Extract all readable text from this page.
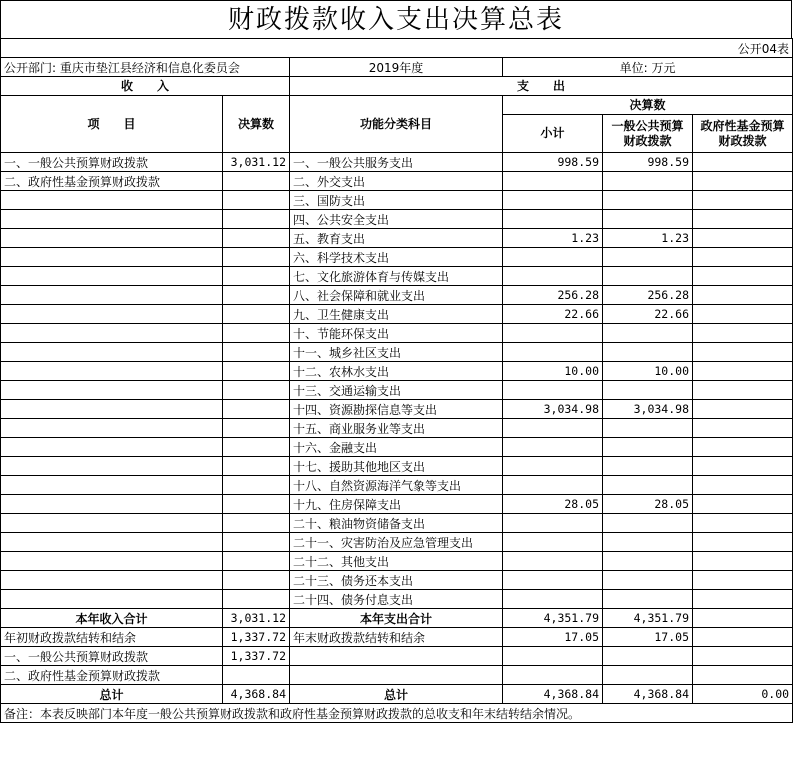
财政拨款收入支出决算总表
公开04表					
公开部门: 重庆市垫江县经济和信息化委员会		2019年度	单位: 万元		
收　　入		支　　出			
项　　目	决算数	功能分类科目	决算数		
			小计	一般公共预算财政拨款	政府性基金预算财政拨款
一、一般公共预算财政拨款	3,031.12	一、一般公共服务支出	998.59	998.59	
二、政府性基金预算财政拨款		二、外交支出			
		三、国防支出			
		四、公共安全支出			
		五、教育支出	1.23	1.23	
		六、科学技术支出			
		七、文化旅游体育与传媒支出			
		八、社会保障和就业支出	256.28	256.28	
		九、卫生健康支出	22.66	22.66	
		十、节能环保支出			
		十一、城乡社区支出			
		十二、农林水支出	10.00	10.00	
		十三、交通运输支出			
		十四、资源勘探信息等支出	3,034.98	3,034.98	
		十五、商业服务业等支出			
		十六、金融支出			
		十七、援助其他地区支出			
		十八、自然资源海洋气象等支出			
		十九、住房保障支出	28.05	28.05	
		二十、粮油物资储备支出			
		二十一、灾害防治及应急管理支出			
		二十二、其他支出			
		二十三、债务还本支出			
		二十四、债务付息支出			
本年收入合计	3,031.12	本年支出合计	4,351.79	4,351.79	
年初财政拨款结转和结余	1,337.72	年末财政拨款结转和结余	17.05	17.05	
一、一般公共预算财政拨款	1,337.72				
二、政府性基金预算财政拨款					
总计	4,368.84	总计	4,368.84	4,368.84	0.00
备注：本表反映部门本年度一般公共预算财政拨款和政府性基金预算财政拨款的总收支和年末结转结余情况。					
